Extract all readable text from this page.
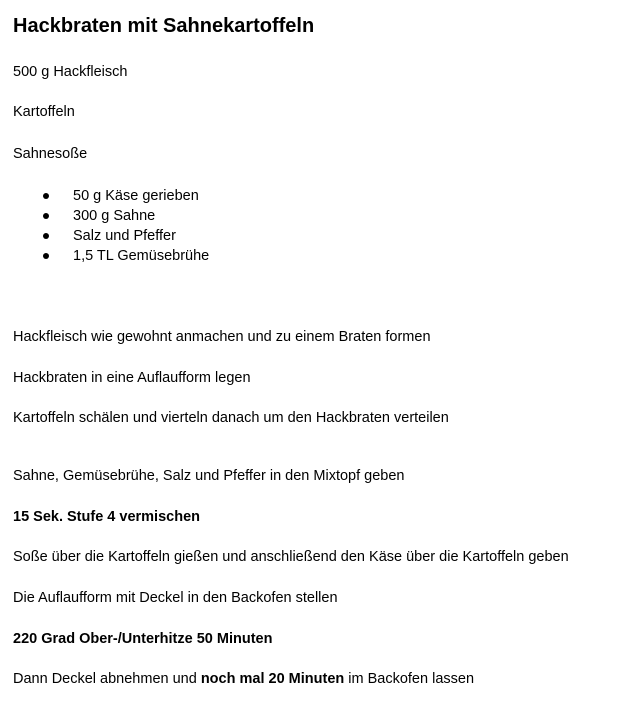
Hackbraten mit Sahnekartoffeln

500 g Hackfleisch

Kartoffeln

Sahnesoße

50 g Käse gerieben
300 g Sahne
Salz und Pfeffer
1,5 TL Gemüsebrühe

Hackfleisch wie gewohnt anmachen und zu einem Braten formen

Hackbraten in eine Auflaufform legen

Kartoffeln schälen und vierteln danach um den Hackbraten verteilen

Sahne, Gemüsebrühe, Salz und Pfeffer in den Mixtopf geben

15 Sek. Stufe 4 vermischen

Soße über die Kartoffeln gießen und anschließend den Käse über die Kartoffeln geben

Die Auflaufform mit Deckel in den Backofen stellen

220 Grad Ober-/Unterhitze 50 Minuten

Dann Deckel abnehmen und noch mal 20 Minuten im Backofen lassen
